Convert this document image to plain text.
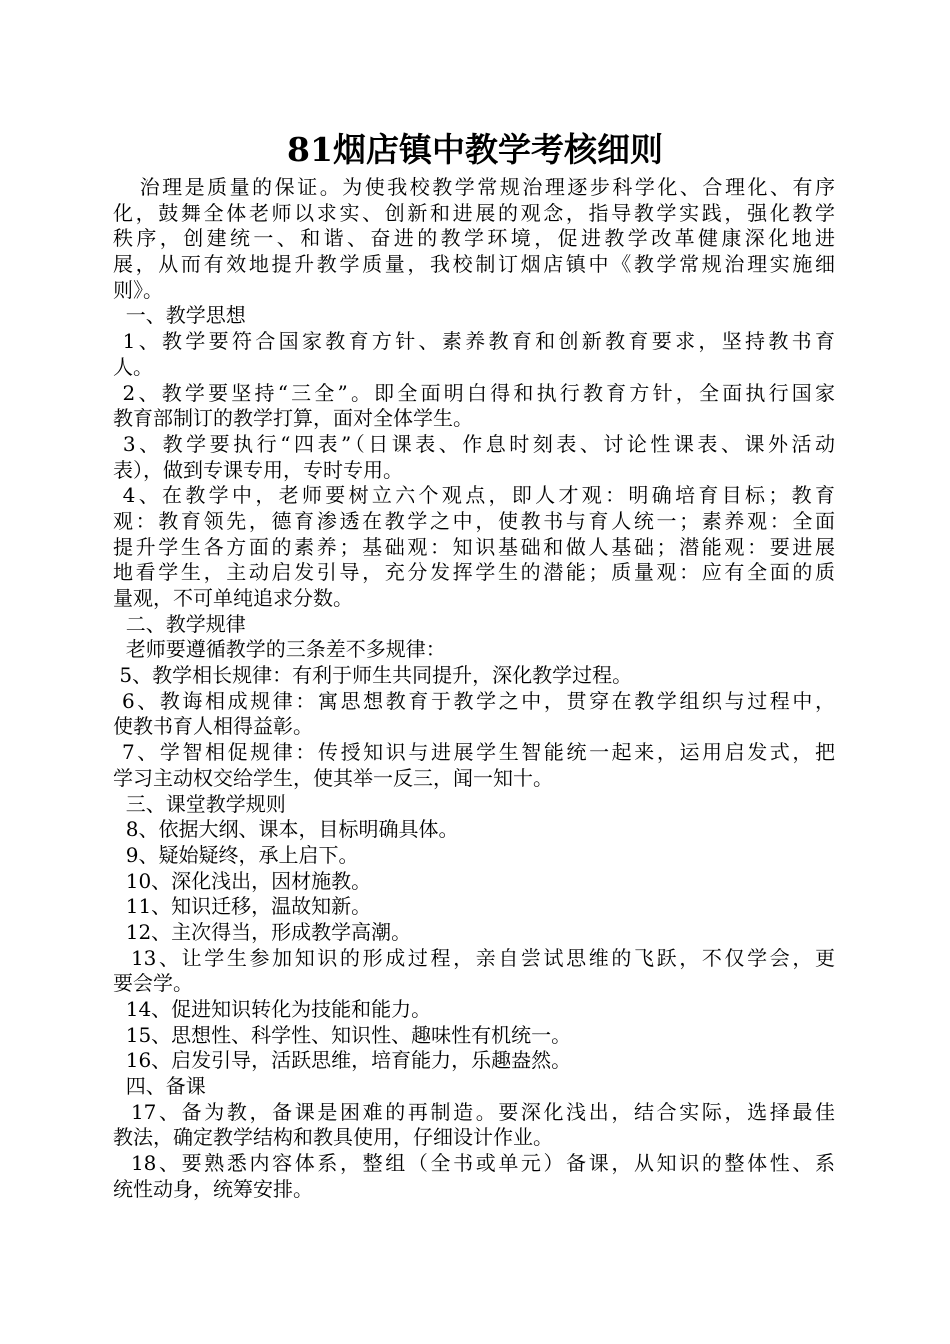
81烟店镇中教学考核细则
治理是质量的保证。为使我校教学常规治理逐步科学化、合理化、有序
化，鼓舞全体老师以求实、创新和进展的观念，指导教学实践，强化教学
秩序，创建统一、和谐、奋进的教学环境，促进教学改革健康深化地进
展，从而有效地提升教学质量，我校制订烟店镇中《教学常规治理实施细
则》。
一、教学思想
1、教学要符合国家教育方针、素养教育和创新教育要求，坚持教书育
人。
2、教学要坚持“三全”。即全面明白得和执行教育方针，全面执行国家
教育部制订的教学打算，面对全体学生。
3、教学要执行“四表”（日课表、作息时刻表、讨论性课表、课外活动
表），做到专课专用，专时专用。
4、在教学中，老师要树立六个观点，即人才观：明确培育目标；教育
观：教育领先，德育渗透在教学之中，使教书与育人统一；素养观：全面
提升学生各方面的素养；基础观：知识基础和做人基础；潜能观：要进展
地看学生，主动启发引导，充分发挥学生的潜能；质量观：应有全面的质
量观，不可单纯追求分数。
二、教学规律
老师要遵循教学的三条差不多规律：
5、教学相长规律：有利于师生共同提升，深化教学过程。
6、教诲相成规律：寓思想教育于教学之中，贯穿在教学组织与过程中，
使教书育人相得益彰。
7、学智相促规律：传授知识与进展学生智能统一起来，运用启发式，把
学习主动权交给学生，使其举一反三，闻一知十。
三、课堂教学规则
8、依据大纲、课本，目标明确具体。
9、疑始疑终，承上启下。
10、深化浅出，因材施教。
11、知识迁移，温故知新。
12、主次得当，形成教学高潮。
13、让学生参加知识的形成过程，亲自尝试思维的飞跃，不仅学会，更
要会学。
14、促进知识转化为技能和能力。
15、思想性、科学性、知识性、趣味性有机统一。
16、启发引导，活跃思维，培育能力，乐趣盎然。
四、备课
17、备为教，备课是困难的再制造。要深化浅出，结合实际，选择最佳
教法，确定教学结构和教具使用，仔细设计作业。
18、要熟悉内容体系，整组（全书或单元）备课，从知识的整体性、系
统性动身，统筹安排。
